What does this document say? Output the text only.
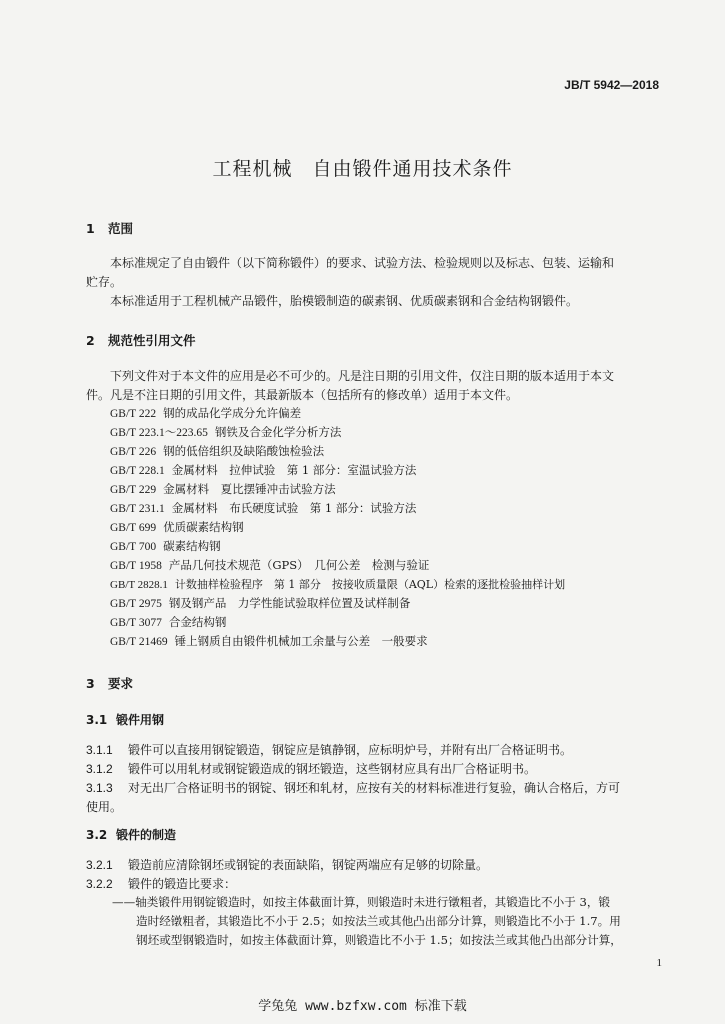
JB/T 5942—2018
工程机械　自由锻件通用技术条件
1 范围
本标准规定了自由锻件（以下简称锻件）的要求、试验方法、检验规则以及标志、包装、运输和
贮存。
本标准适用于工程机械产品锻件，胎模锻制造的碳素钢、优质碳素钢和合金结构钢锻件。
2 规范性引用文件
下列文件对于本文件的应用是必不可少的。凡是注日期的引用文件，仅注日期的版本适用于本文
件。凡是不注日期的引用文件，其最新版本（包括所有的修改单）适用于本文件。
GB/T 222 钢的成品化学成分允许偏差
GB/T 223.1～223.65 钢铁及合金化学分析方法
GB/T 226 钢的低倍组织及缺陷酸蚀检验法
GB/T 228.1 金属材料　拉伸试验　第 1 部分：室温试验方法
GB/T 229 金属材料　夏比摆锤冲击试验方法
GB/T 231.1 金属材料　布氏硬度试验　第 1 部分：试验方法
GB/T 699 优质碳素结构钢
GB/T 700 碳素结构钢
GB/T 1958 产品几何技术规范（GPS）　几何公差　检测与验证
GB/T 2828.1 计数抽样检验程序　第 1 部分　按接收质量限（AQL）检索的逐批检验抽样计划
GB/T 2975 钢及钢产品　力学性能试验取样位置及试样制备
GB/T 3077 合金结构钢
GB/T 21469 锤上钢质自由锻件机械加工余量与公差　一般要求
3 要求
3.1 锻件用钢
3.1.1 锻件可以直接用钢锭锻造，钢锭应是镇静钢，应标明炉号，并附有出厂合格证明书。
3.1.2 锻件可以用轧材或钢锭锻造成的钢坯锻造，这些钢材应具有出厂合格证明书。
3.1.3 对无出厂合格证明书的钢锭、钢坯和轧材，应按有关的材料标准进行复验，确认合格后，方可
使用。
3.2 锻件的制造
3.2.1 锻造前应清除钢坯或钢锭的表面缺陷，钢锭两端应有足够的切除量。
3.2.2 锻件的锻造比要求：
——轴类锻件用钢锭锻造时，如按主体截面计算，则锻造时未进行镦粗者，其锻造比不小于 3，锻
造时经镦粗者，其锻造比不小于 2.5；如按法兰或其他凸出部分计算，则锻造比不小于 1.7。用
钢坯或型钢锻造时，如按主体截面计算，则锻造比不小于 1.5；如按法兰或其他凸出部分计算，
1
学兔兔 www.bzfxw.com 标准下载
